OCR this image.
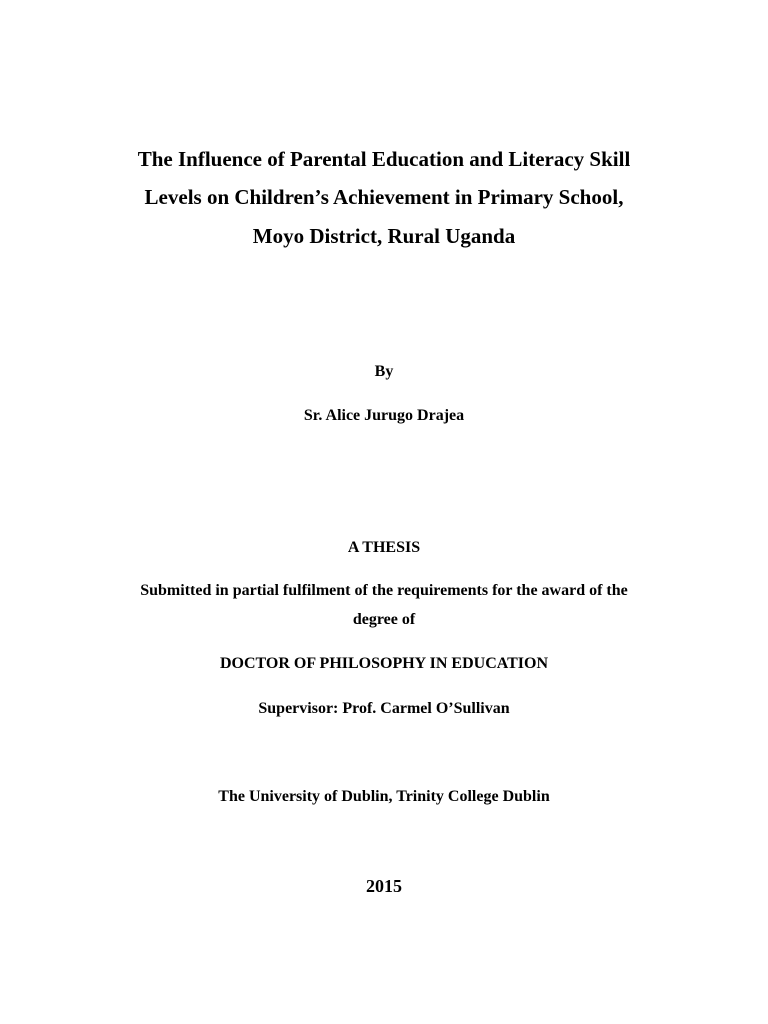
The Influence of Parental Education and Literacy Skill
Levels on Children’s Achievement in Primary School,
Moyo District, Rural Uganda
By
Sr. Alice Jurugo Drajea
A THESIS
Submitted in partial fulfilment of the requirements for the award of the
degree of
DOCTOR OF PHILOSOPHY IN EDUCATION
Supervisor: Prof. Carmel O’Sullivan
The University of Dublin, Trinity College Dublin
2015
